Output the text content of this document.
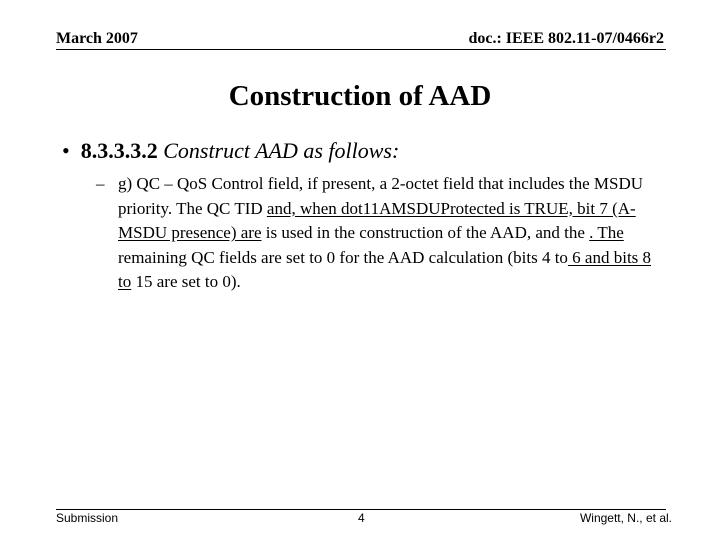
March 2007	doc.: IEEE 802.11-07/0466r2
Construction of AAD
• 8.3.3.3.2 Construct AAD as follows:
– g) QC – QoS Control field, if present, a 2-octet field that includes the MSDU priority. The QC TID and, when dot11AMSDUProtected is TRUE, bit 7 (A-MSDU presence) are is used in the construction of the AAD, and the . The remaining QC fields are set to 0 for the AAD calculation (bits 4 to 6 and bits 8 to 15 are set to 0).
Submission	4	Wingett, N., et al.
